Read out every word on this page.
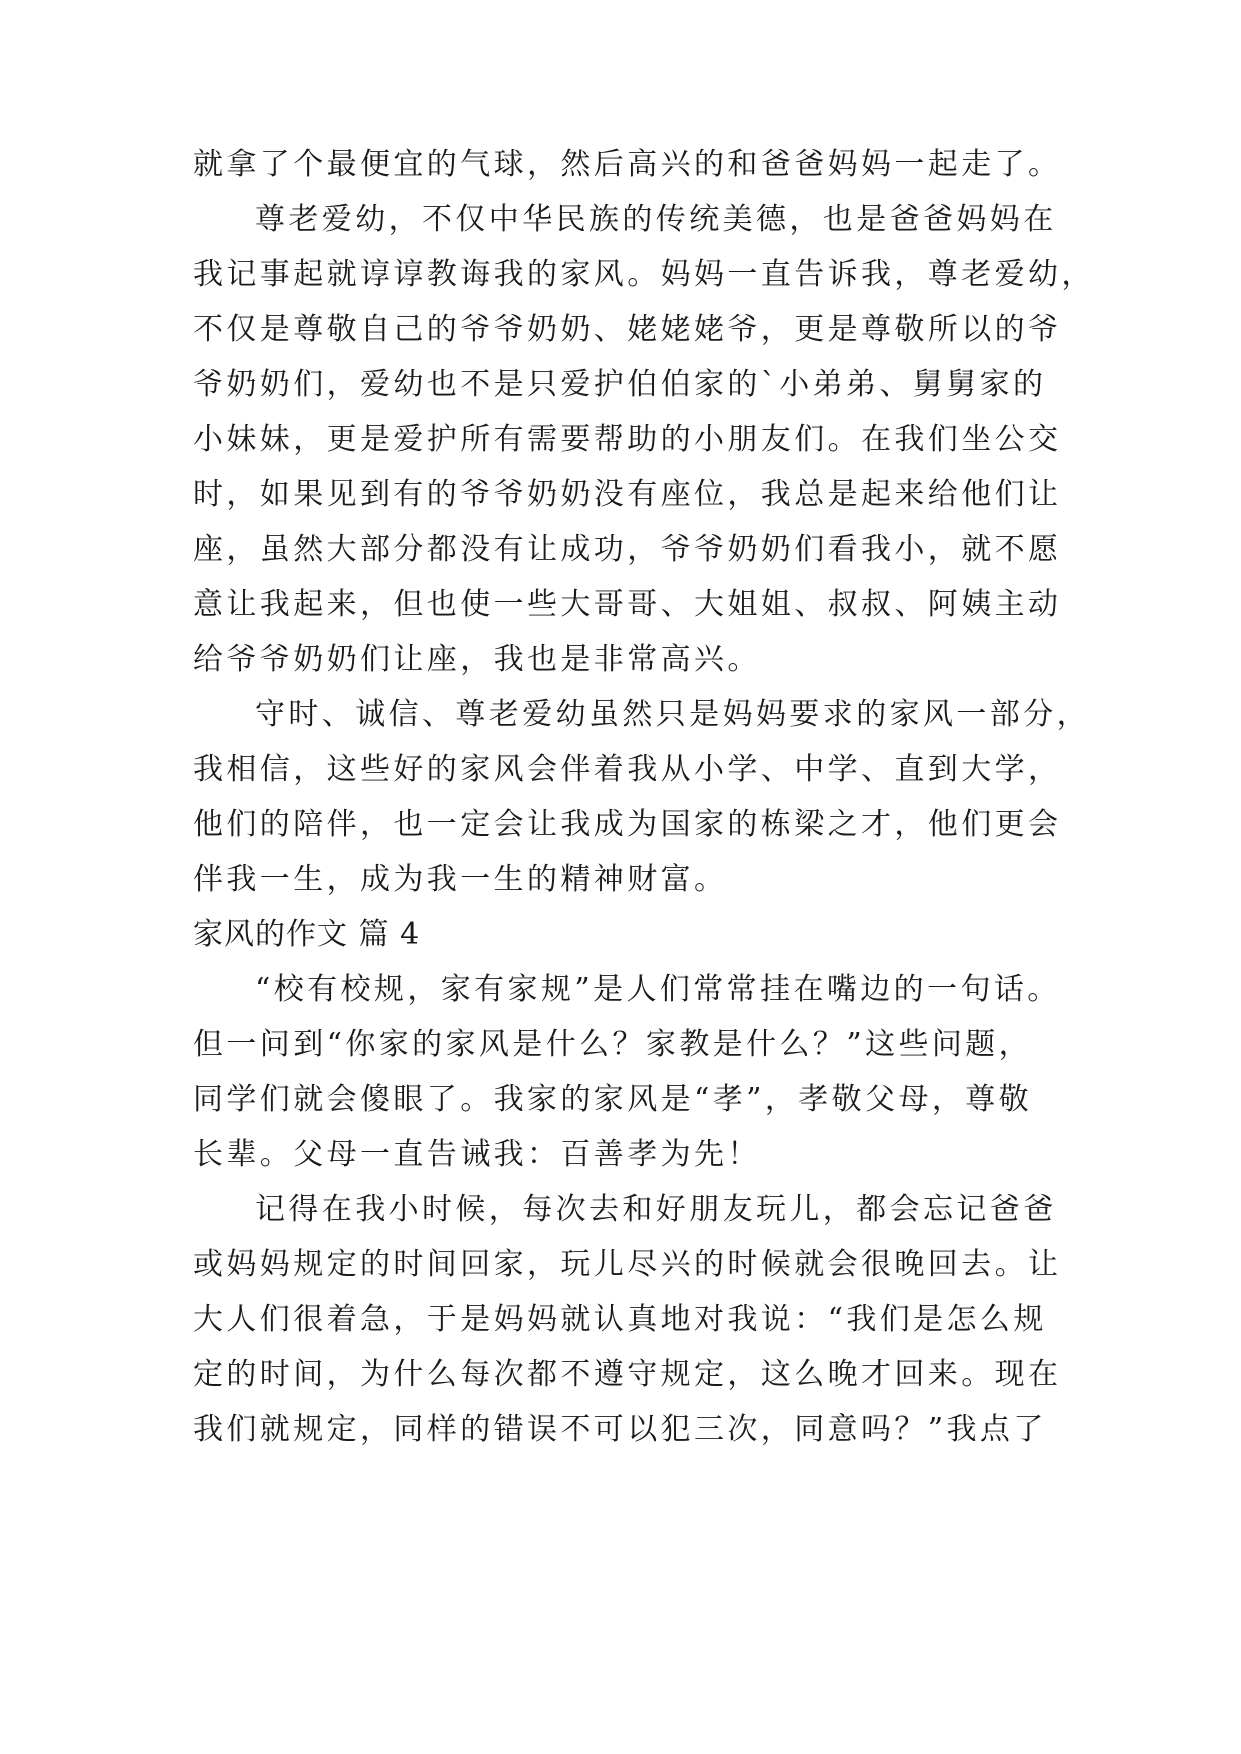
就拿了个最便宜的气球，然后高兴的和爸爸妈妈一起走了。
尊老爱幼，不仅中华民族的传统美德，也是爸爸妈妈在
我记事起就谆谆教诲我的家风。妈妈一直告诉我，尊老爱幼，
不仅是尊敬自己的爷爷奶奶、姥姥姥爷，更是尊敬所以的爷
爷奶奶们，爱幼也不是只爱护伯伯家的`小弟弟、舅舅家的
小妹妹，更是爱护所有需要帮助的小朋友们。在我们坐公交
时，如果见到有的爷爷奶奶没有座位，我总是起来给他们让
座，虽然大部分都没有让成功，爷爷奶奶们看我小，就不愿
意让我起来，但也使一些大哥哥、大姐姐、叔叔、阿姨主动
给爷爷奶奶们让座，我也是非常高兴。
守时、诚信、尊老爱幼虽然只是妈妈要求的家风一部分，
我相信，这些好的家风会伴着我从小学、中学、直到大学，
他们的陪伴，也一定会让我成为国家的栋梁之才，他们更会
伴我一生，成为我一生的精神财富。
家风的作文 篇 4
“校有校规，家有家规”是人们常常挂在嘴边的一句话。
但一问到“你家的家风是什么？家教是什么？”这些问题，
同学们就会傻眼了。我家的家风是“孝”，孝敬父母，尊敬
长辈。父母一直告诫我：百善孝为先！
记得在我小时候，每次去和好朋友玩儿，都会忘记爸爸
或妈妈规定的时间回家，玩儿尽兴的时候就会很晚回去。让
大人们很着急，于是妈妈就认真地对我说：“我们是怎么规
定的时间，为什么每次都不遵守规定，这么晚才回来。现在
我们就规定，同样的错误不可以犯三次，同意吗？”我点了
